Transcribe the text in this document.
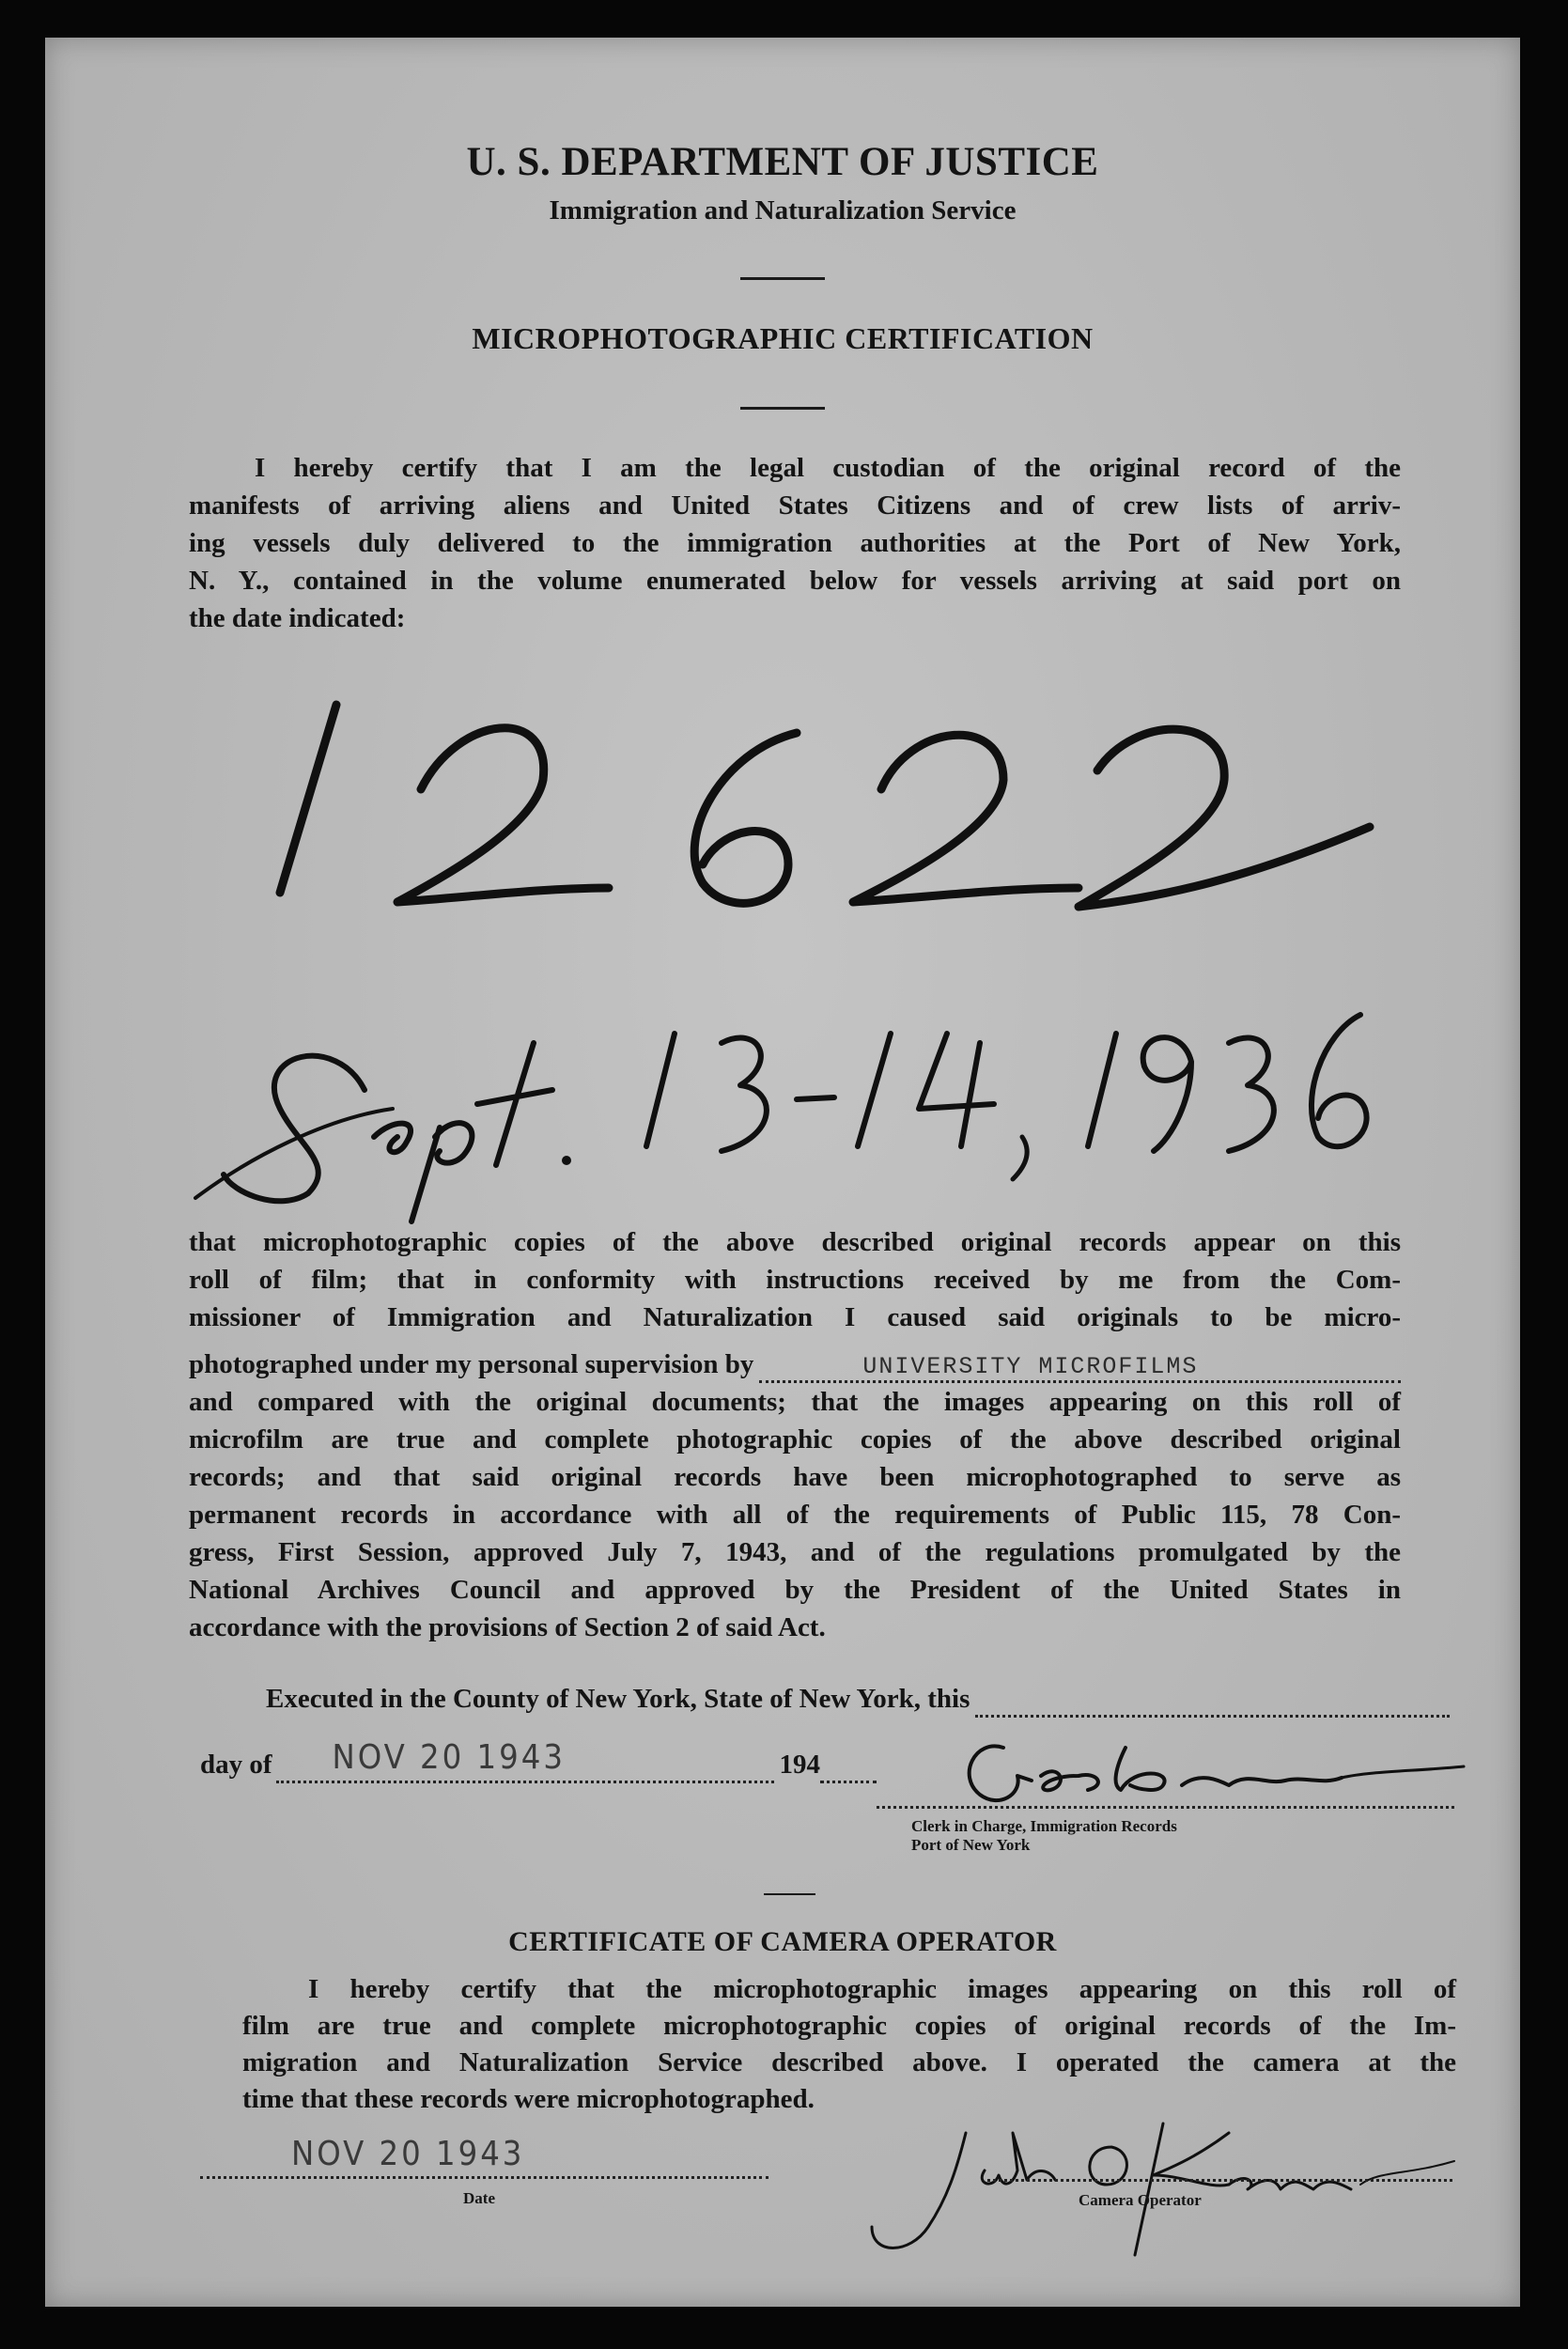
U. S. DEPARTMENT OF JUSTICE
Immigration and Naturalization Service
MICROPHOTOGRAPHIC CERTIFICATION
I hereby certify that I am the legal custodian of the original record of the
manifests of arriving aliens and United States Citizens and of crew lists of arriv-
ing vessels duly delivered to the immigration authorities at the Port of New York,
N. Y., contained in the volume enumerated below for vessels arriving at said port on
the date indicated:
that microphotographic copies of the above described original records appear on this
roll of film; that in conformity with instructions received by me from the Com-
missioner of Immigration and Naturalization I caused said originals to be micro-
photographed under my personal supervision by	UNIVERSITY MICROFILMS
and compared with the original documents; that the images appearing on this roll of
microfilm are true and complete photographic copies of the above described original
records; and that said original records have been microphotographed to serve as
permanent records in accordance with all of the requirements of Public 115, 78 Con-
gress, First Session, approved July 7, 1943, and of the regulations promulgated by the
National Archives Council and approved by the President of the United States in
accordance with the provisions of Section 2 of said Act.
Executed in the County of New York, State of New York, this
day of NOV 20 1943	194
Clerk in Charge, Immigration Records
Port of New York
CERTIFICATE OF CAMERA OPERATOR
I hereby certify that the microphotographic images appearing on this roll of
film are true and complete microphotographic copies of original records of the Im-
migration and Naturalization Service described above. I operated the camera at the
time that these records were microphotographed.
NOV 20 1943
Date	Camera Operator
